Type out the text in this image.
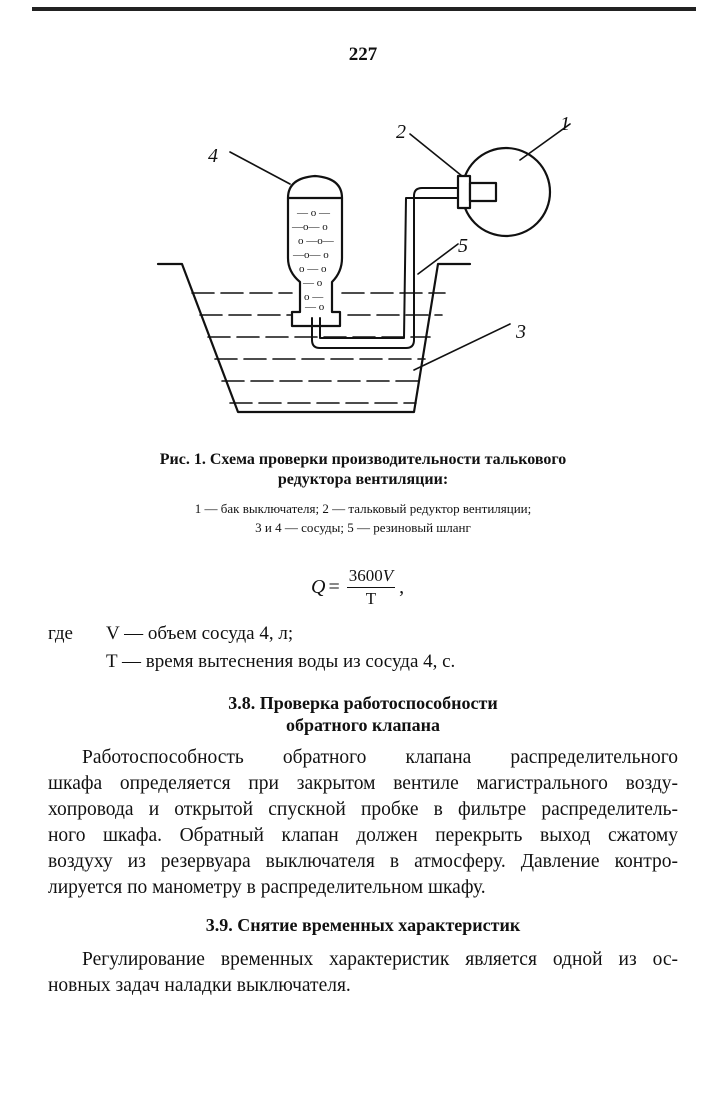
227
— o —
—o— o
o —o—
—o— o
o — o
— o
o —
— o
1
2
3
4
5
Рис. 1. Схема проверки производительности талькового
редуктора вентиляции:
1 — бак выключателя; 2 — тальковый редуктор вентиляции;
3 и 4 — сосуды; 5 — резиновый шланг
$Q = \frac{3600V}{T}$ ,
где	V — объем сосуда 4, л;
T — время вытеснения воды из сосуда 4, с.
3.8. Проверка работоспособности
обратного клапана
Работоспособность обратного клапана распределительного
шкафа определяется при закрытом вентиле магистрального возду-
хопровода и открытой спускной пробке в фильтре распределитель-
ного шкафа. Обратный клапан должен перекрыть выход сжатому
воздуху из резервуара выключателя в атмосферу. Давление контро-
лируется по манометру в распределительном шкафу.
3.9. Снятие временных характеристик
Регулирование временных характеристик является одной из ос-
новных задач наладки выключателя.
